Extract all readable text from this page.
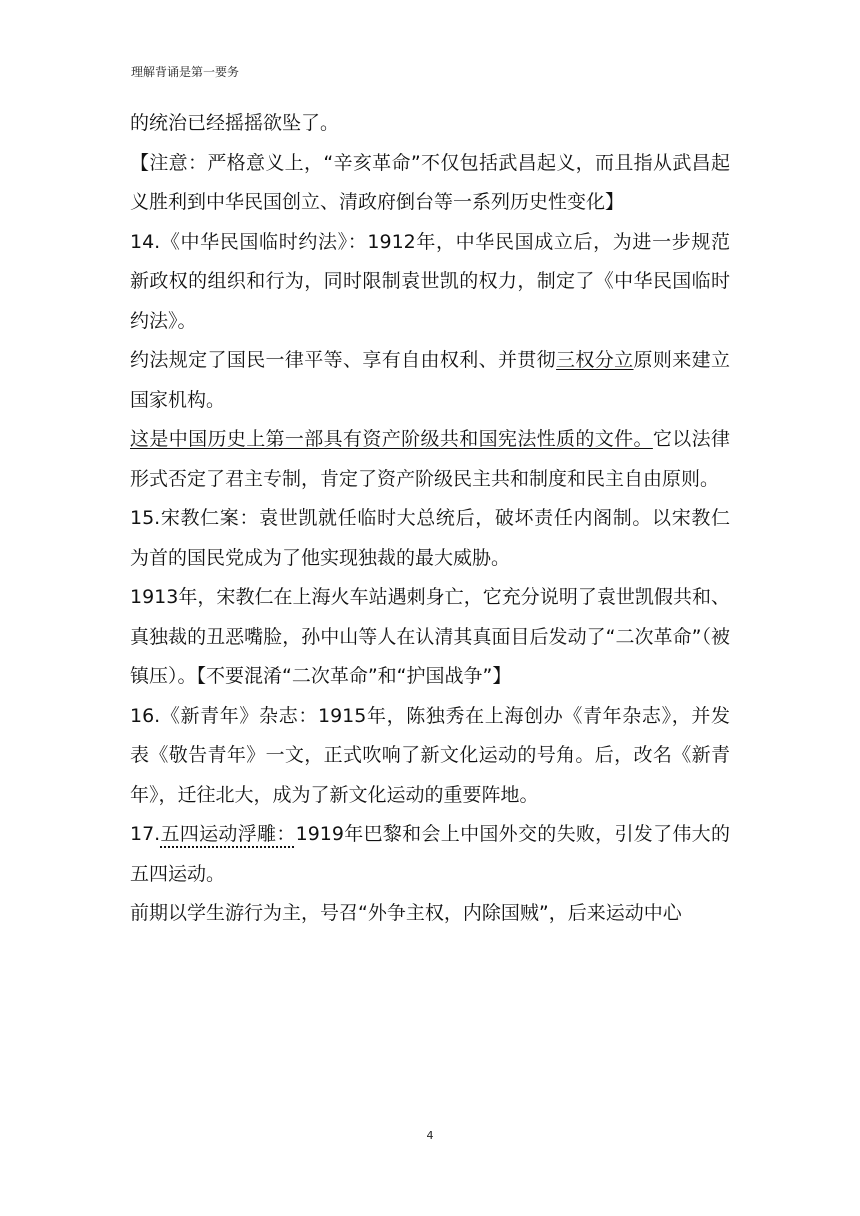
理解背诵是第一要务

的统治已经摇摇欲坠了。

【注意：严格意义上，“辛亥革命”不仅包括武昌起义，而且指从武昌起义胜利到中华民国创立、清政府倒台等一系列历史性变化】

14.《中华民国临时约法》：1912年，中华民国成立后，为进一步规范新政权的组织和行为，同时限制袁世凯的权力，制定了《中华民国临时约法》。

约法规定了国民一律平等、享有自由权利、并贯彻三权分立原则来建立国家机构。

这是中国历史上第一部具有资产阶级共和国宪法性质的文件。它以法律形式否定了君主专制，肯定了资产阶级民主共和制度和民主自由原则。

15.宋教仁案：袁世凯就任临时大总统后，破坏责任内阁制。以宋教仁为首的国民党成为了他实现独裁的最大威胁。

1913年，宋教仁在上海火车站遇刺身亡，它充分说明了袁世凯假共和、真独裁的丑恶嘴脸，孙中山等人在认清其真面目后发动了“二次革命”（被镇压）。【不要混淆“二次革命”和“护国战争”】

16.《新青年》杂志：1915年，陈独秀在上海创办《青年杂志》，并发表《敬告青年》一文，正式吹响了新文化运动的号角。后，改名《新青年》，迁往北大，成为了新文化运动的重要阵地。

17.五四运动浮雕：1919年巴黎和会上中国外交的失败，引发了伟大的五四运动。

前期以学生游行为主，号召“外争主权，内除国贼”，后来运动中心

4
